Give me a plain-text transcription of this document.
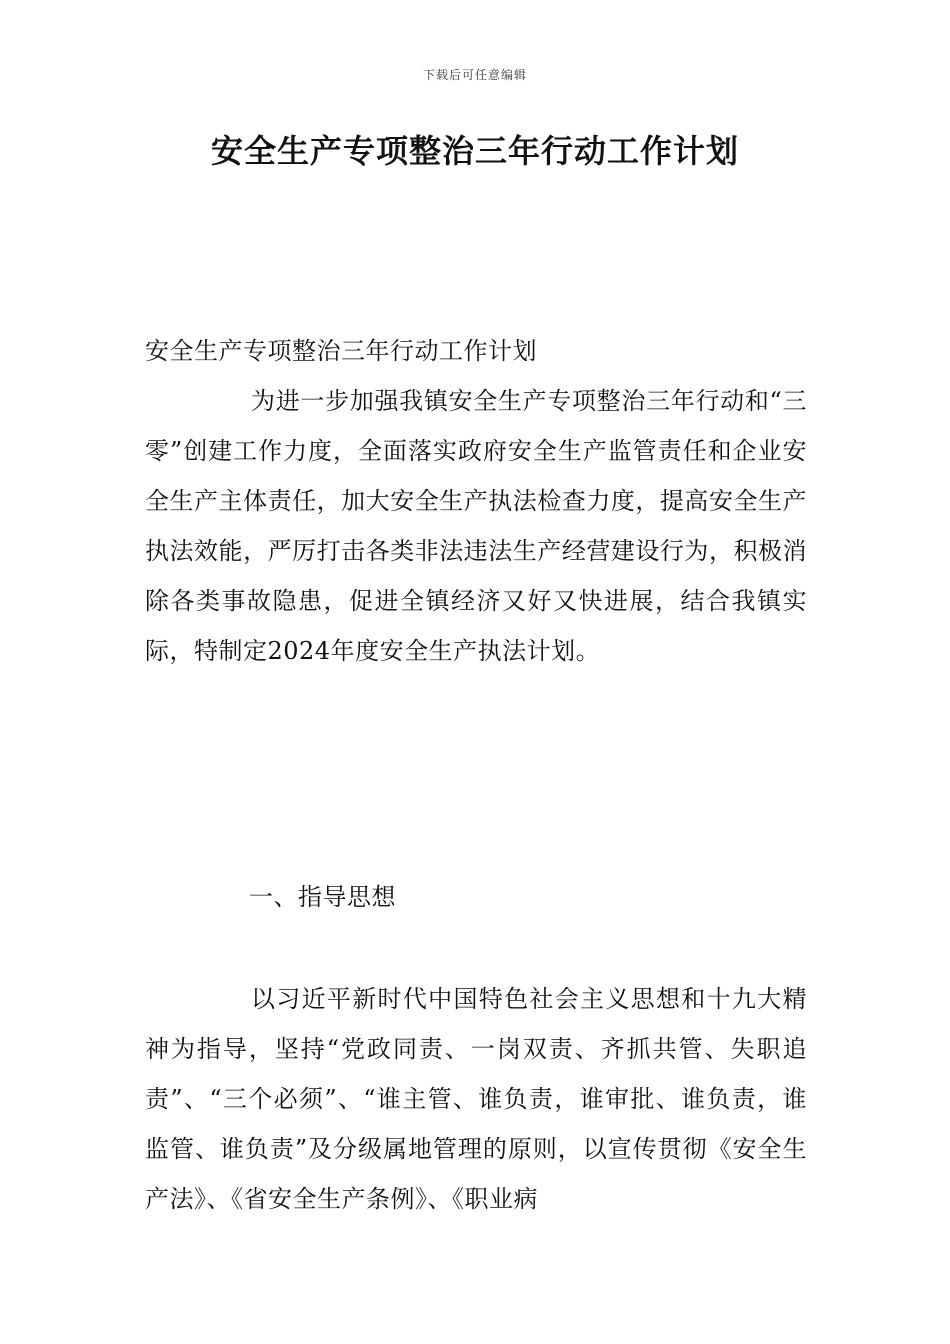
下载后可任意编辑
安全生产专项整治三年行动工作计划

安全生产专项整治三年行动工作计划

为进一步加强我镇安全生产专项整治三年行动和“三零”创建工作力度，全面落实政府安全生产监管责任和企业安全生产主体责任，加大安全生产执法检查力度，提高安全生产执法效能，严厉打击各类非法违法生产经营建设行为，积极消除各类事故隐患，促进全镇经济又好又快进展，结合我镇实际，特制定2024年度安全生产执法计划。

一、指导思想

以习近平新时代中国特色社会主义思想和十九大精神为指导，坚持“党政同责、一岗双责、齐抓共管、失职追责”、“三个必须”、“谁主管、谁负责，谁审批、谁负责，谁监管、谁负责”及分级属地管理的原则，以宣传贯彻《安全生产法》、《省安全生产条例》、《职业病
